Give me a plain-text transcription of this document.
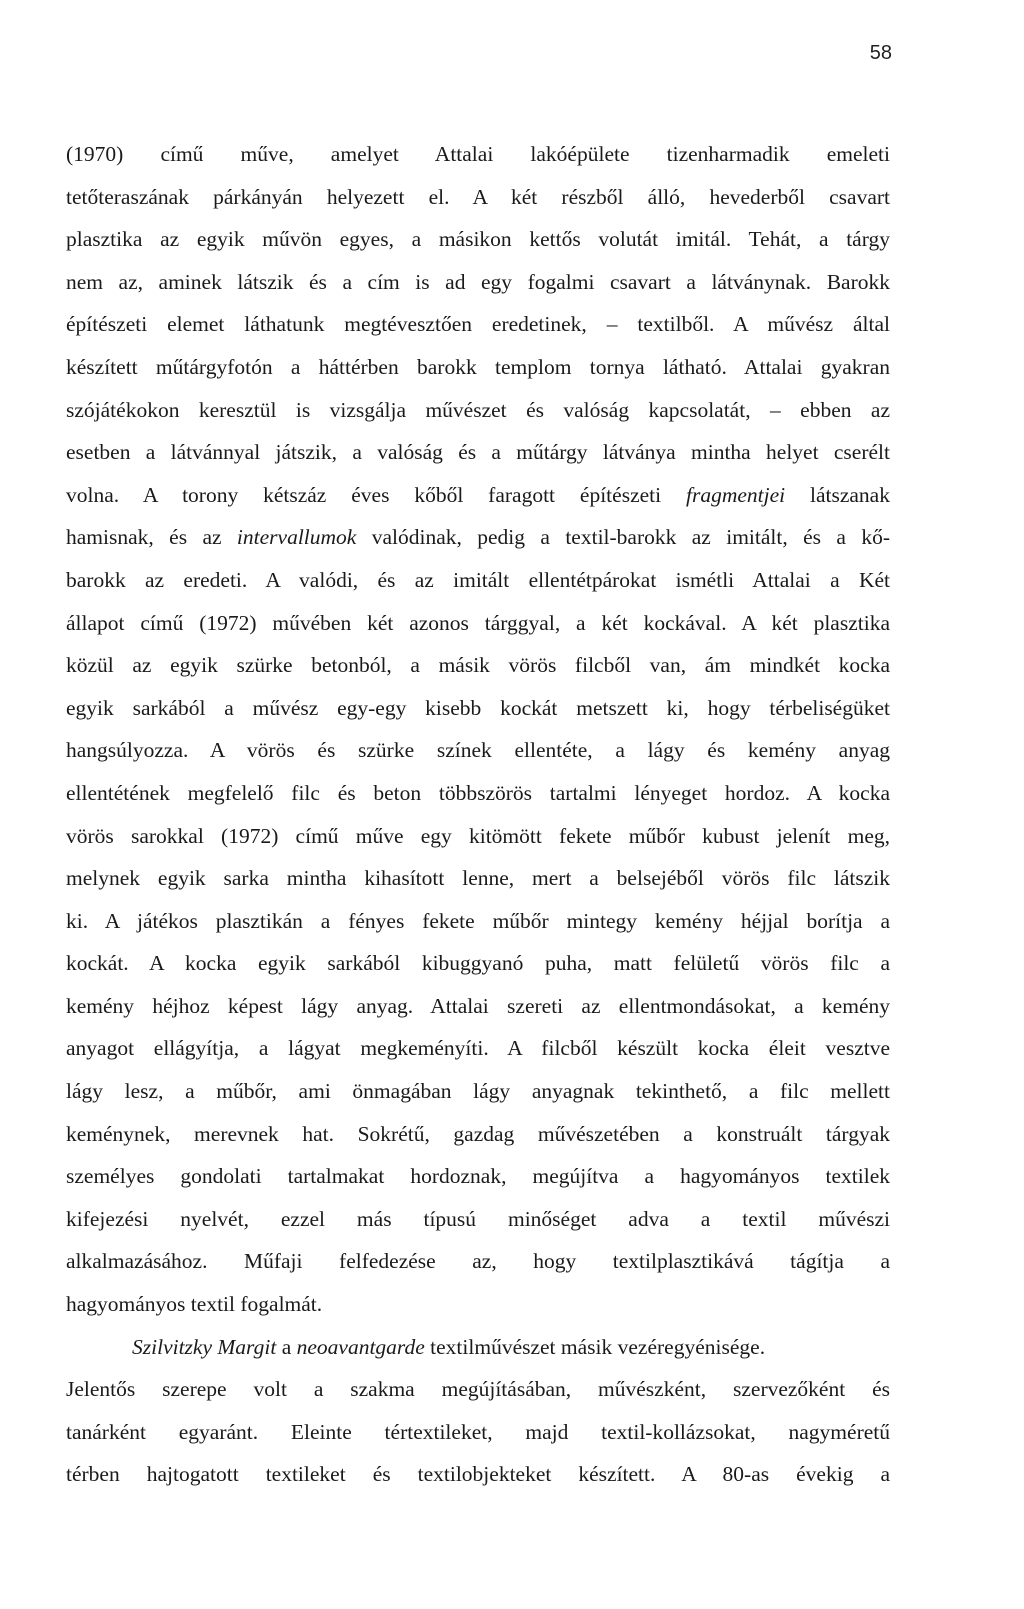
58
(1970) című műve, amelyet Attalai lakóépülete tizenharmadik emeleti
tetőteraszának párkányán helyezett el. A két részből álló, hevederből csavart
plasztika az egyik művön egyes, a másikon kettős volutát imitál. Tehát, a tárgy
nem az, aminek látszik és a cím is ad egy fogalmi csavart a látványnak. Barokk
építészeti elemet láthatunk megtévesztően eredetinek, – textilből. A művész által
készített műtárgyfotón a háttérben barokk templom tornya látható. Attalai gyakran
szójátékokon keresztül is vizsgálja művészet és valóság kapcsolatát, – ebben az
esetben a látvánnyal játszik, a valóság és a műtárgy látványa mintha helyet cserélt
volna. A torony kétszáz éves kőből faragott építészeti fragmentjei látszanak
hamisnak, és az intervallumok valódinak, pedig a textil-barokk az imitált, és a kő-
barokk az eredeti. A valódi, és az imitált ellentétpárokat ismétli Attalai a Két
állapot című (1972) művében két azonos tárggyal, a két kockával. A két plasztika
közül az egyik szürke betonból, a másik vörös filcből van, ám mindkét kocka
egyik sarkából a művész egy-egy kisebb kockát metszett ki, hogy térbeliségüket
hangsúlyozza. A vörös és szürke színek ellentéte, a lágy és kemény anyag
ellentétének megfelelő filc és beton többszörös tartalmi lényeget hordoz. A kocka
vörös sarokkal (1972) című műve egy kitömött fekete műbőr kubust jelenít meg,
melynek egyik sarka mintha kihasított lenne, mert a belsejéből vörös filc látszik
ki. A játékos plasztikán a fényes fekete műbőr mintegy kemény héjjal borítja a
kockát. A kocka egyik sarkából kibuggyanó puha, matt felületű vörös filc a
kemény héjhoz képest lágy anyag. Attalai szereti az ellentmondásokat, a kemény
anyagot ellágyítja, a lágyat megkeményíti. A filcből készült kocka éleit vesztve
lágy lesz, a műbőr, ami önmagában lágy anyagnak tekinthető, a filc mellett
keménynek, merevnek hat. Sokrétű, gazdag művészetében a konstruált tárgyak
személyes gondolati tartalmakat hordoznak, megújítva a hagyományos textilek
kifejezési nyelvét, ezzel más típusú minőséget adva a textil művészi
alkalmazásához. Műfaji felfedezése az, hogy textilplasztikává tágítja a
hagyományos textil fogalmát.
Szilvitzky Margit a neoavantgarde textilművészet másik vezéregyénisége.
Jelentős szerepe volt a szakma megújításában, művészként, szervezőként és
tanárként egyaránt. Eleinte tértextileket, majd textil-kollázsokat, nagyméretű
térben hajtogatott textileket és textilobjekteket készített. A 80-as évekig a
